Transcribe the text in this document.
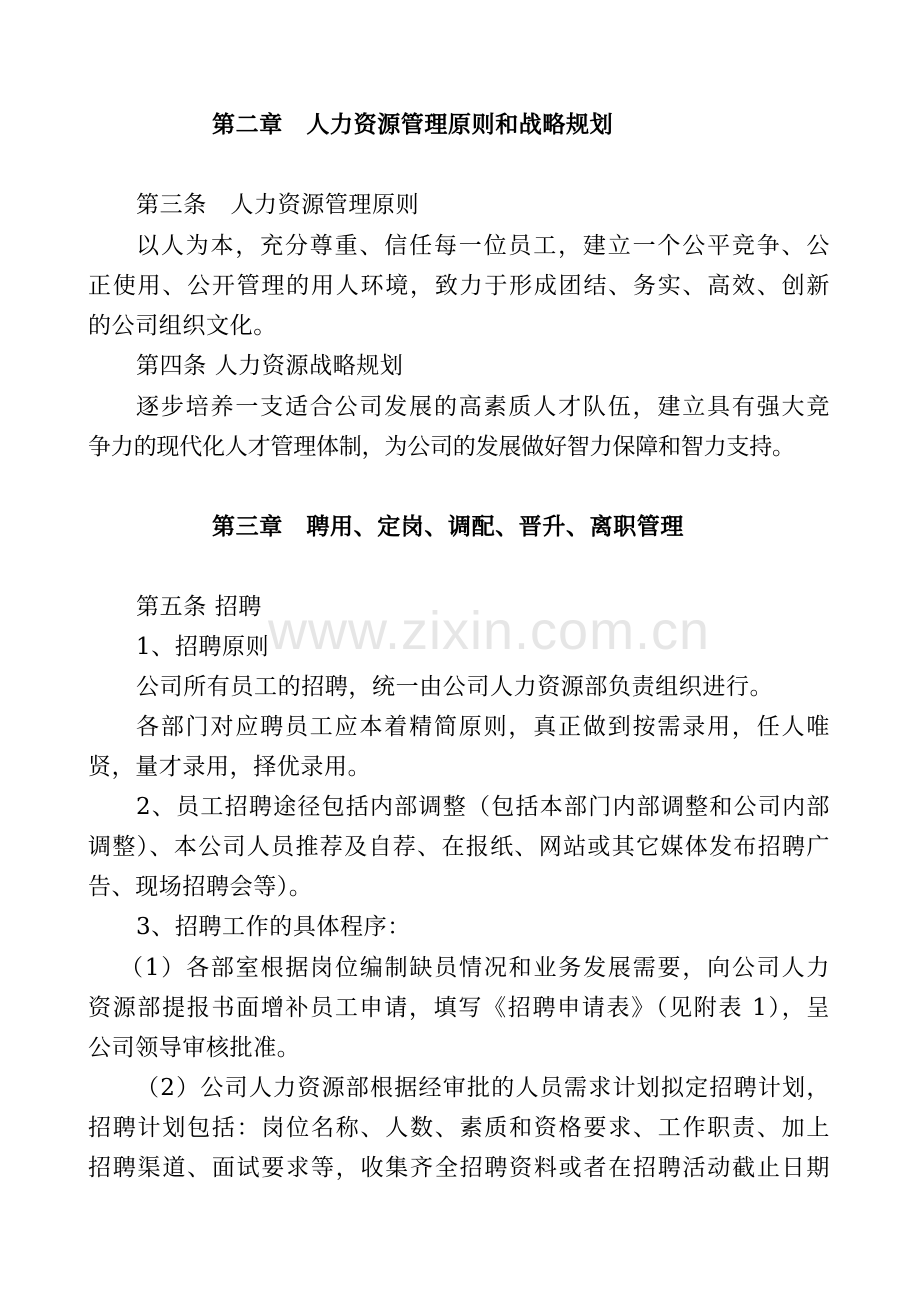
www.zixin.com.cn
第二章　人力资源管理原则和战略规划
第三条　人力资源管理原则
以人为本，充分尊重、信任每一位员工，建立一个公平竞争、公
正使用、公开管理的用人环境，致力于形成团结、务实、高效、创新
的公司组织文化。
第四条 人力资源战略规划
逐步培养一支适合公司发展的高素质人才队伍，建立具有强大竞
争力的现代化人才管理体制，为公司的发展做好智力保障和智力支持。
第三章　聘用、定岗、调配、晋升、离职管理
第五条 招聘
1、招聘原则
公司所有员工的招聘，统一由公司人力资源部负责组织进行。
各部门对应聘员工应本着精简原则，真正做到按需录用，任人唯
贤，量才录用，择优录用。
2、员工招聘途径包括内部调整（包括本部门内部调整和公司内部
调整）、本公司人员推荐及自荐、在报纸、网站或其它媒体发布招聘广
告、现场招聘会等）。
3、招聘工作的具体程序：
（1）各部室根据岗位编制缺员情况和业务发展需要，向公司人力
资源部提报书面增补员工申请，填写《招聘申请表》（见附表 1），呈
公司领导审核批准。
（2）公司人力资源部根据经审批的人员需求计划拟定招聘计划，
招聘计划包括：岗位名称、人数、素质和资格要求、工作职责、加上
招聘渠道、面试要求等，收集齐全招聘资料或者在招聘活动截止日期
